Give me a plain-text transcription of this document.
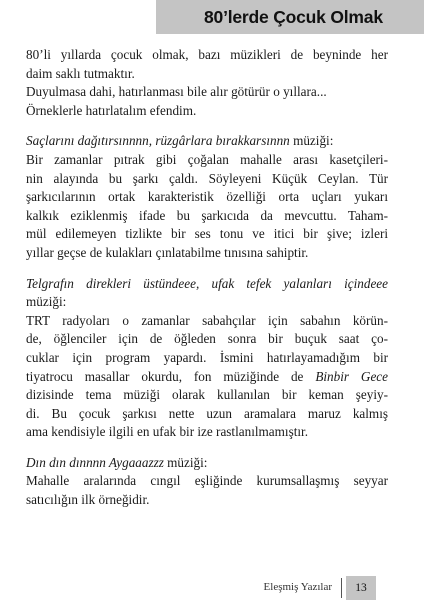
80’lerde Çocuk Olmak
80’li yıllarda çocuk olmak, bazı müzikleri de beyninde her
daim saklı tutmaktır.
Duyulmasa dahi, hatırlanması bile alır götürür o yıllara...
Örneklerle hatırlatalım efendim.
Saçlarını dağıtırsınnnn, rüzgârlara bırakkarsınnn müziği:
Bir zamanlar pıtrak gibi çoğalan mahalle arası kasetçileri-
nin alayında bu şarkı çaldı. Söyleyeni Küçük Ceylan. Tür
şarkıcılarının ortak karakteristik özelliği orta uçları yukarı
kalkık eziklenmiş ifade bu şarkıcıda da mevcuttu. Taham-
mül edilemeyen tizlikte bir ses tonu ve itici bir şive; izleri
yıllar geçse de kulakları çınlatabilme tınısına sahiptir.
Telgrafın direkleri üstündeee, ufak tefek yalanları içindeee
müziği:
TRT radyoları o zamanlar sabahçılar için sabahın körün-
de, öğlenciler için de öğleden sonra bir buçuk saat ço-
cuklar için program yapardı. İsmini hatırlayamadığım bir
tiyatrocu masallar okurdu, fon müziğinde de Binbir Gece
dizisinde tema müziği olarak kullanılan bir keman şeyiy-
di. Bu çocuk şarkısı nette uzun aramalara maruz kalmış
ama kendisiyle ilgili en ufak bir ize rastlanılmamıştır.
Dın dın dınnnn Aygaaazzz müziği:
Mahalle aralarında cıngıl eşliğinde kurumsallaşmış seyyar
satıcılığın ilk örneğidir.
Eleşmiş Yazılar	13
